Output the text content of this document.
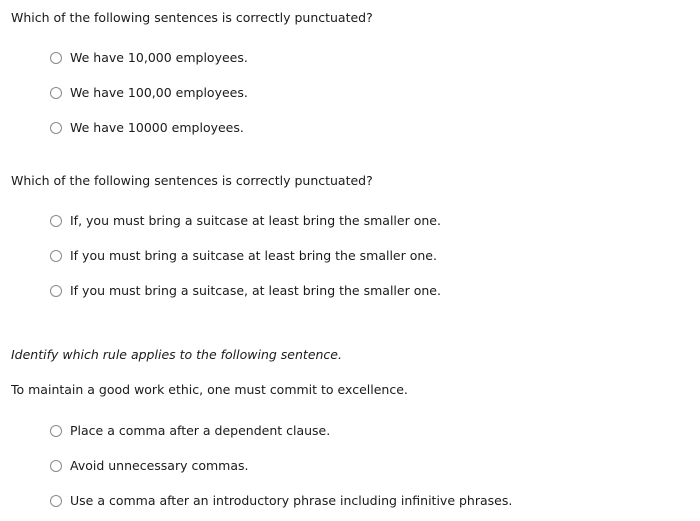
Which of the following sentences is correctly punctuated?
We have 10,000 employees.
We have 100,00 employees.
We have 10000 employees.
Which of the following sentences is correctly punctuated?
If, you must bring a suitcase at least bring the smaller one.
If you must bring a suitcase at least bring the smaller one.
If you must bring a suitcase, at least bring the smaller one.
Identify which rule applies to the following sentence.
To maintain a good work ethic, one must commit to excellence.
Place a comma after a dependent clause.
Avoid unnecessary commas.
Use a comma after an introductory phrase including infinitive phrases.
